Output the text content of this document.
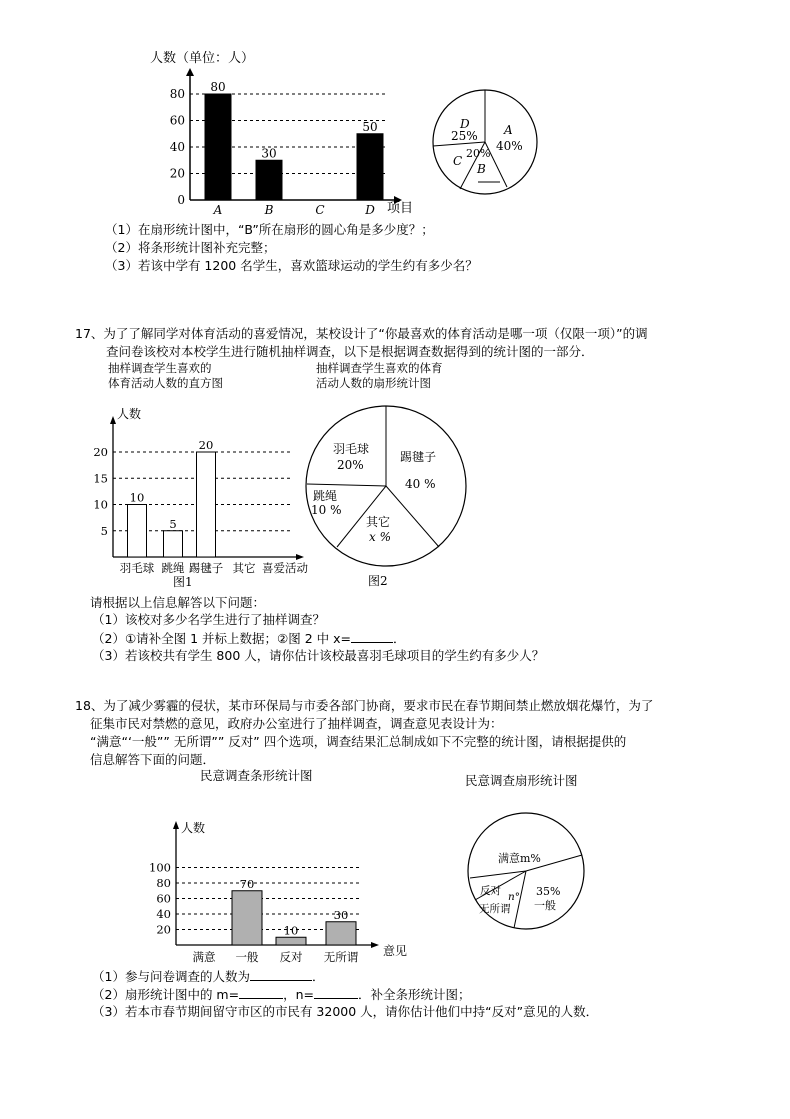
人数（单位：人）
项目
0
20
40
60
80
A
80
B
30
C	D
50
m
A
40%
B
20%
C
D
25%
（1）在扇形统计图中，“B”所在扇形的圆心角是多少度？；
（2）将条形统计图补充完整；
（3）若该中学有 1200 名学生，喜欢篮球运动的学生约有多少名？
17、为了了解同学对体育活动的喜爱情况，某校设计了“你最喜欢的体育活动是哪一项（仅限一项）”的调
查问卷该校对本校学生进行随机抽样调查，以下是根据调查数据得到的统计图的一部分．
抽样调查学生喜欢的
体育活动人数的直方图
抽样调查学生喜欢的体育
活动人数的扇形统计图
人数
喜爱活动
5
10
15
20
羽毛球
10
跳绳
5
踢毽子
20
其它
图1
羽毛球
20%
踢毽子
40 %
其它
x %
跳绳
10 %
图2
请根据以上信息解答以下问题：
（1）该校对多少名学生进行了抽样调查？
（2）①请补全图 1 并标上数据；②图 2 中 x=	．
（3）若该校共有学生 800 人，请你估计该校最喜羽毛球项目的学生约有多少人？
18、为了减少雾霾的侵状，某市环保局与市委各部门协商，要求市民在春节期间禁止燃放烟花爆竹，为了
征集市民对禁燃的意见，政府办公室进行了抽样调查，调查意见表设计为：
“满意“‘一般”” 无所谓”” 反对” 四个选项，调查结果汇总制成如下不完整的统计图，请根据提供的
信息解答下面的问题．
民意调查条形统计图	民意调查扇形统计图
人数
意见
20
40
60
80
100
满意 一般
70
反对
10
无所谓
30
满意m%
35%
一般
反对 n°
无所谓
（1）参与问卷调查的人数为	．
（2）扇形统计图中的 m=	，n=	．补全条形统计图；
（3）若本市春节期间留守市区的市民有 32000 人，请你估计他们中持“反对”意见的人数．
